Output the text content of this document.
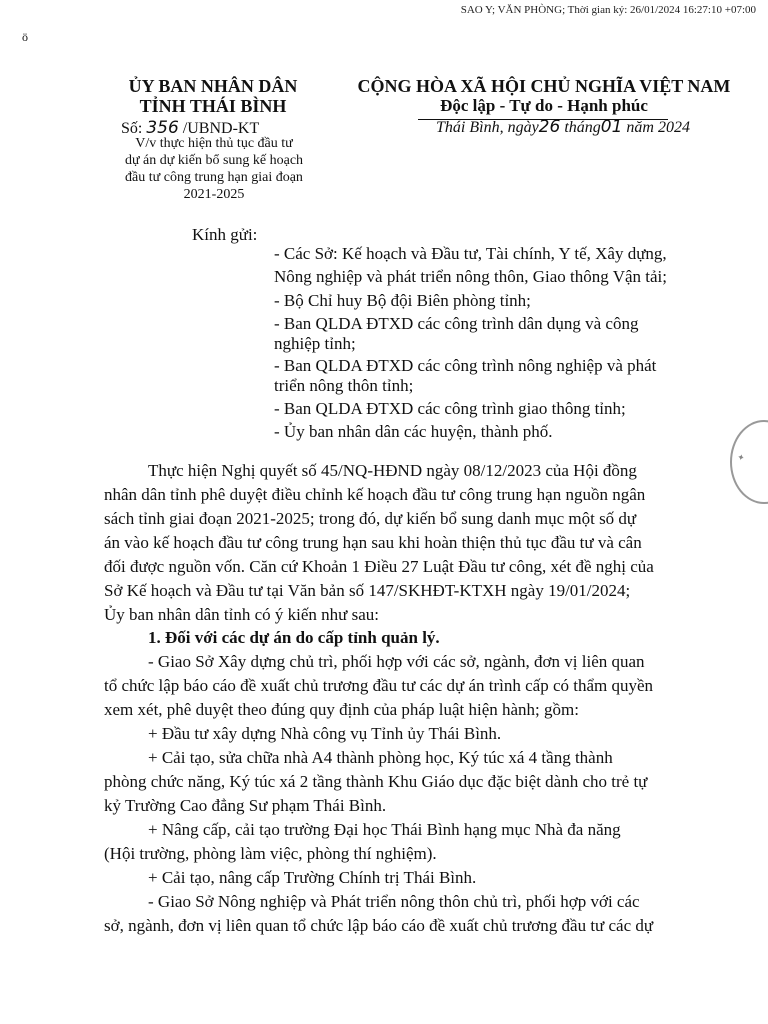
SAO Y; VĂN PHÒNG; Thời gian ký: 26/01/2024 16:27:10 +07:00
ö
ỦY BAN NHÂN DÂN
TỈNH THÁI BÌNH
Số: 356 /UBND-KT
V/v thực hiện thủ tục đầu tư
dự án dự kiến bổ sung kế hoạch
đầu tư công trung hạn giai đoạn
2021-2025
CỘNG HÒA XÃ HỘI CHỦ NGHĨA VIỆT NAM
Độc lập - Tự do - Hạnh phúc
Thái Bình, ngày26 tháng01 năm 2024
Kính gửi:
- Các Sở: Kế hoạch và Đầu tư, Tài chính, Y tế, Xây dựng,
Nông nghiệp và phát triển nông thôn, Giao thông Vận tải;
- Bộ Chỉ huy Bộ đội Biên phòng tỉnh;
- Ban QLDA ĐTXD các công trình dân dụng và công
nghiệp tỉnh;
- Ban QLDA ĐTXD các công trình nông nghiệp và phát
triển nông thôn tỉnh;
- Ban QLDA ĐTXD các công trình giao thông tỉnh;
- Ủy ban nhân dân các huyện, thành phố.
Thực hiện Nghị quyết số 45/NQ-HĐND ngày 08/12/2023 của Hội đồng
nhân dân tỉnh phê duyệt điều chỉnh kế hoạch đầu tư công trung hạn nguồn ngân
sách tỉnh giai đoạn 2021-2025; trong đó, dự kiến bổ sung danh mục một số dự
án vào kế hoạch đầu tư công trung hạn sau khi hoàn thiện thủ tục đầu tư và cân
đối được nguồn vốn. Căn cứ Khoản 1 Điều 27 Luật Đầu tư công, xét đề nghị của
Sở Kế hoạch và Đầu tư tại Văn bản số 147/SKHĐT-KTXH ngày 19/01/2024;
Ủy ban nhân dân tỉnh có ý kiến như sau:
1. Đối với các dự án do cấp tỉnh quản lý.
- Giao Sở Xây dựng chủ trì, phối hợp với các sở, ngành, đơn vị liên quan
tổ chức lập báo cáo đề xuất chủ trương đầu tư các dự án trình cấp có thẩm quyền
xem xét, phê duyệt theo đúng quy định của pháp luật hiện hành; gồm:
+ Đầu tư xây dựng Nhà công vụ Tỉnh ủy Thái Bình.
+ Cải tạo, sửa chữa nhà A4 thành phòng học, Ký túc xá 4 tầng thành
phòng chức năng, Ký túc xá 2 tầng thành Khu Giáo dục đặc biệt dành cho trẻ tự
kỷ Trường Cao đẳng Sư phạm Thái Bình.
+ Nâng cấp, cải tạo trường Đại học Thái Bình hạng mục Nhà đa năng
(Hội trường, phòng làm việc, phòng thí nghiệm).
+ Cải tạo, nâng cấp Trường Chính trị Thái Bình.
- Giao Sở Nông nghiệp và Phát triển nông thôn chủ trì, phối hợp với các
sở, ngành, đơn vị liên quan tổ chức lập báo cáo đề xuất chủ trương đầu tư các dự
✦
